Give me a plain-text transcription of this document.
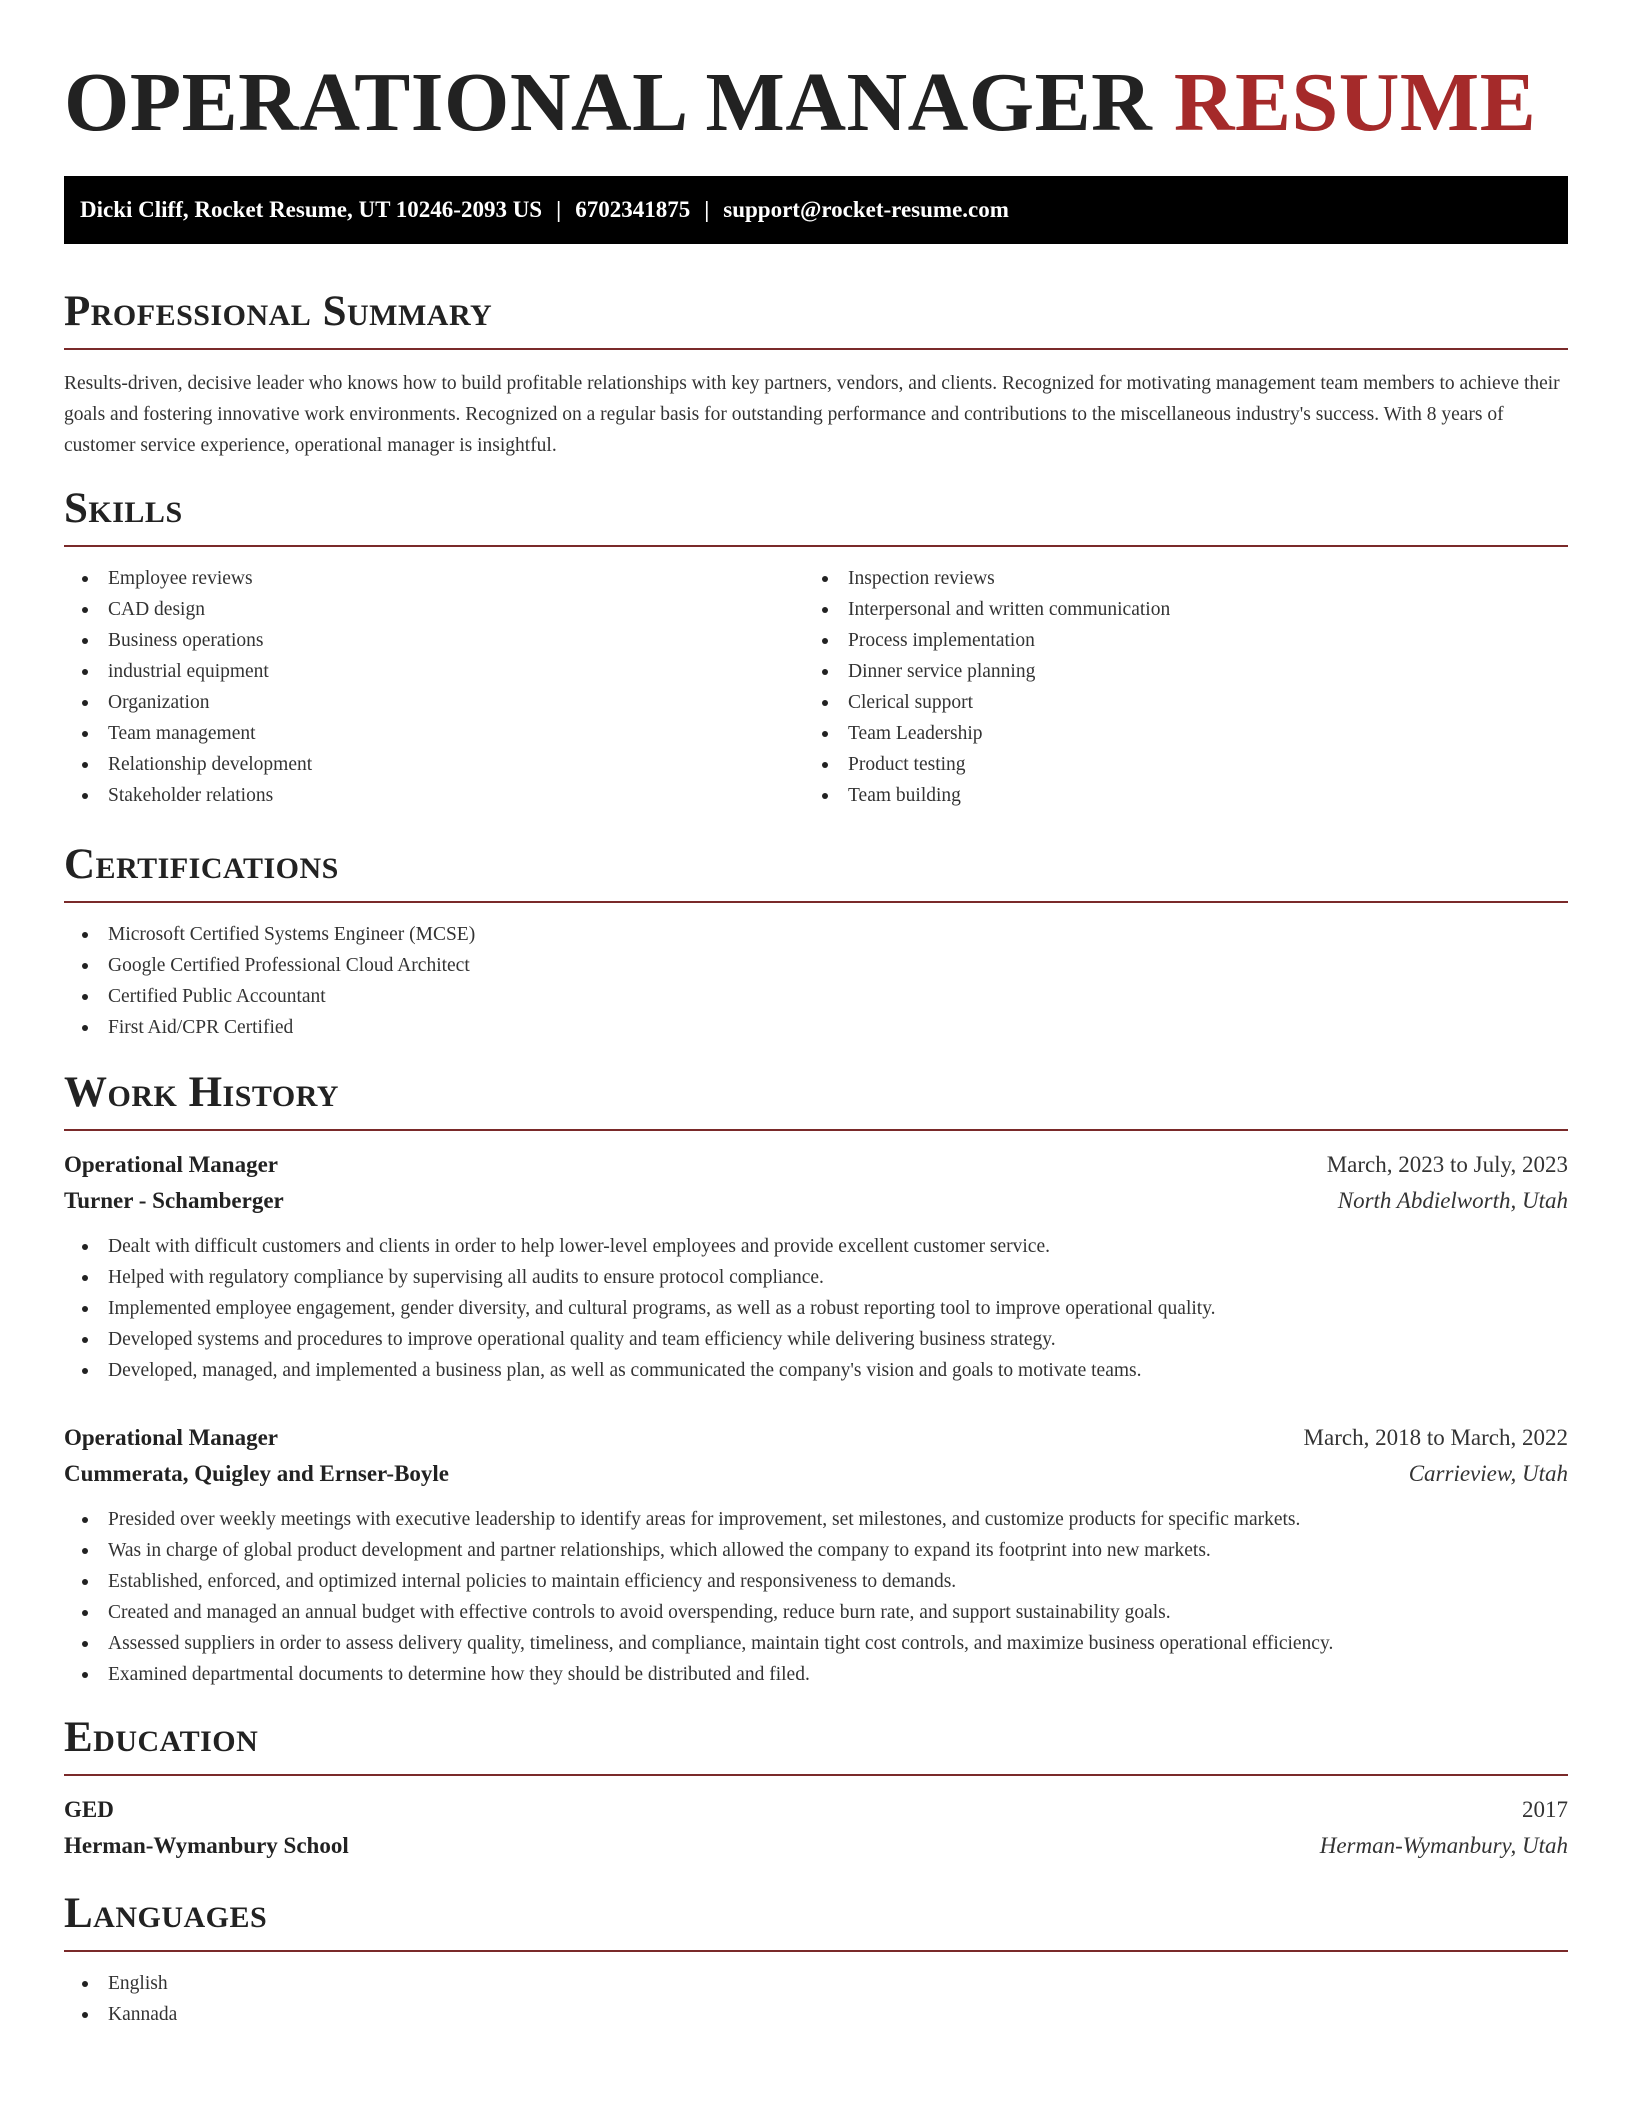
OPERATIONAL MANAGER RESUME
Dicki Cliff, Rocket Resume, UT 10246-2093 US | 6702341875 | support@rocket-resume.com
Professional Summary

Results-driven, decisive leader who knows how to build profitable relationships with key partners, vendors, and clients. Recognized for motivating management team members to achieve their goals and fostering innovative work environments. Recognized on a regular basis for outstanding performance and contributions to the miscellaneous industry's success. With 8 years of customer service experience, operational manager is insightful.

Skills
Employee reviews
CAD design
Business operations
industrial equipment
Organization
Team management
Relationship development
Stakeholder relations
Inspection reviews
Interpersonal and written communication
Process implementation
Dinner service planning
Clerical support
Team Leadership
Product testing
Team building
Certifications
Microsoft Certified Systems Engineer (MCSE)
Google Certified Professional Cloud Architect
Certified Public Accountant
First Aid/CPR Certified
Work History
Operational Manager	March, 2023 to July, 2023
Turner - Schamberger	North Abdielworth, Utah
Dealt with difficult customers and clients in order to help lower-level employees and provide excellent customer service.
Helped with regulatory compliance by supervising all audits to ensure protocol compliance.
Implemented employee engagement, gender diversity, and cultural programs, as well as a robust reporting tool to improve operational quality.
Developed systems and procedures to improve operational quality and team efficiency while delivering business strategy.
Developed, managed, and implemented a business plan, as well as communicated the company's vision and goals to motivate teams.
Operational Manager	March, 2018 to March, 2022
Cummerata, Quigley and Ernser-Boyle	Carrieview, Utah
Presided over weekly meetings with executive leadership to identify areas for improvement, set milestones, and customize products for specific markets.
Was in charge of global product development and partner relationships, which allowed the company to expand its footprint into new markets.
Established, enforced, and optimized internal policies to maintain efficiency and responsiveness to demands.
Created and managed an annual budget with effective controls to avoid overspending, reduce burn rate, and support sustainability goals.
Assessed suppliers in order to assess delivery quality, timeliness, and compliance, maintain tight cost controls, and maximize business operational efficiency.
Examined departmental documents to determine how they should be distributed and filed.
Education
GED	2017
Herman-Wymanbury School	Herman-Wymanbury, Utah
Languages
English
Kannada
